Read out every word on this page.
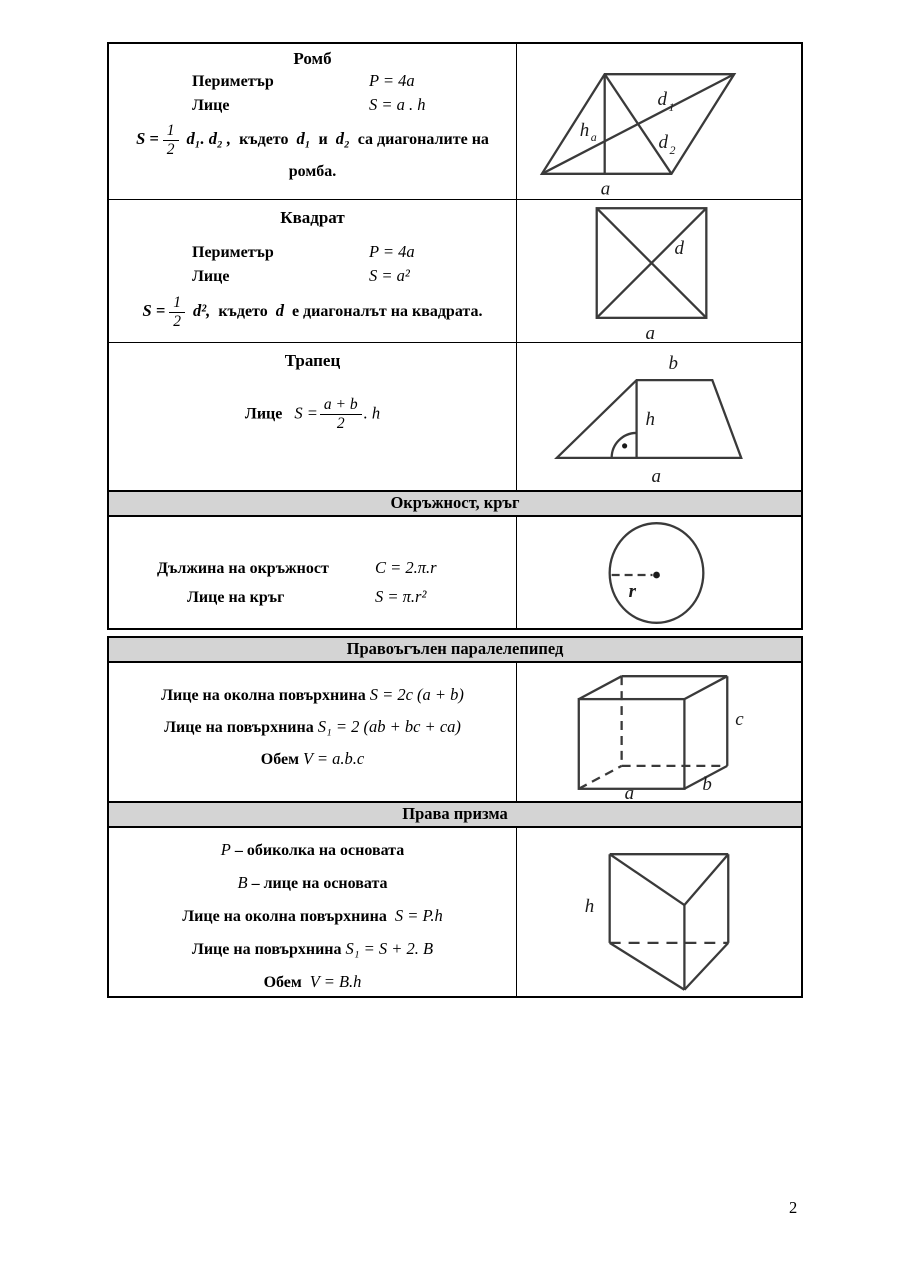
Ромб
Периметър	P = 4a
Лице	S = a . h
$S = \frac{1}{2} d_1$. d₂ , където d₁ и d₂ са диагоналите на
ромба.
d 1
d 2
h a
a
Квадрат
Периметър	P = 4a
Лице	S = a²
$S = \frac{1}{2} d^2$, където d е диагоналът на квадрата.
d
a
Трапец
Лице $S = \frac{a + b}{2}$ . h
b
h
a
Окръжност, кръг
Дължина на окръжност	C = 2.π.r
Лице на кръг	S = π.r²	r
Правоъгълен паралелепипед
Лице на околна повърхнина S = 2c (a + b)
Лице на повърхнина S₁ = 2 (ab + bc + ca)
Обем V = a.b.c
a	b
c
Права призма
P – обиколка на основата
B – лице на основата
Лице на околна повърхнина S = P.h
Лице на повърхнина S₁ = S + 2. B
Обем V = B.h
h
2
